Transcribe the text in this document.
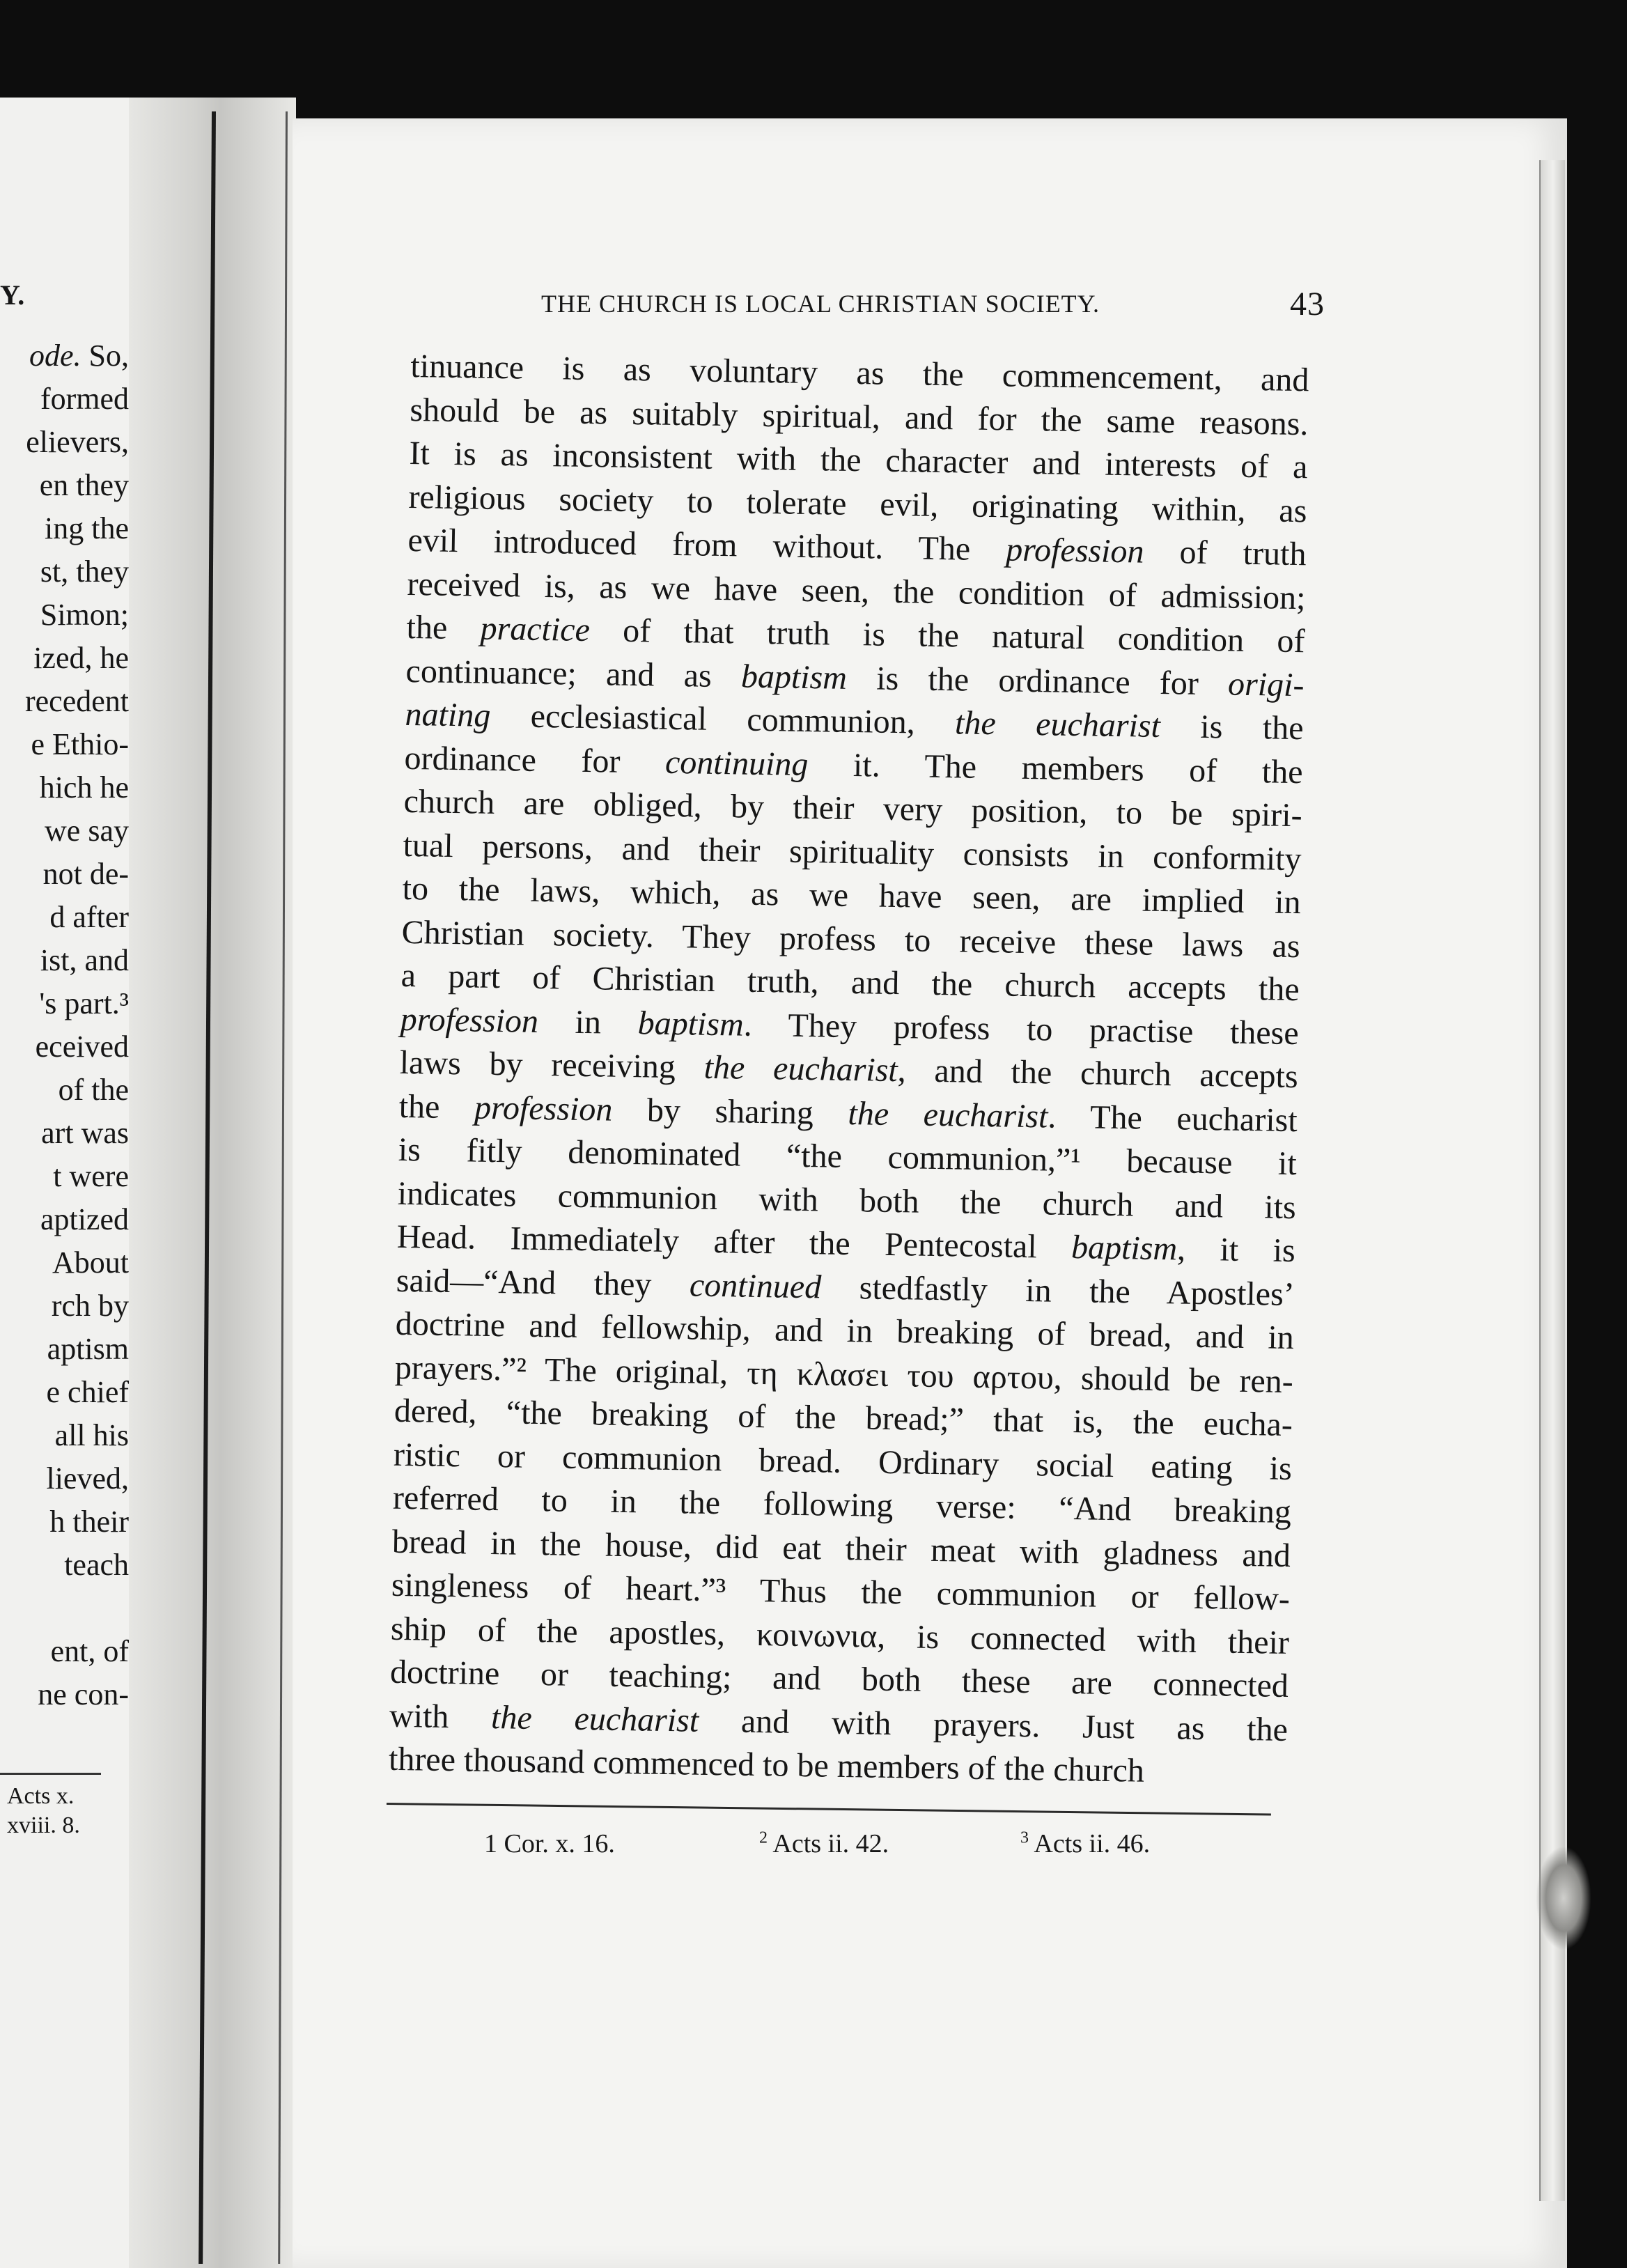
Y.
ode. So,
formed
elievers,
en they
ing the
st, they
Simon;
ized, he
recedent
e Ethio-
hich he
we say
not de-
d after
ist, and
's part.³
eceived
of the
art was
t were
aptized
About
rch by
aptism
e chief
all his
lieved,
h their
teach
ent, of
ne con-
Acts x.
xviii. 8.
THE CHURCH IS LOCAL CHRISTIAN SOCIETY.	43
tinuance is as voluntary as the commencement, and
should be as suitably spiritual, and for the same reasons.
It is as inconsistent with the character and interests of a
religious society to tolerate evil, originating within, as
evil introduced from without. The profession of truth
received is, as we have seen, the condition of admission;
the practice of that truth is the natural condition of
continuance; and as baptism is the ordinance for origi-
nating ecclesiastical communion, the eucharist is the
ordinance for continuing it. The members of the
church are obliged, by their very position, to be spiri-
tual persons, and their spirituality consists in conformity
to the laws, which, as we have seen, are implied in
Christian society. They profess to receive these laws as
a part of Christian truth, and the church accepts the
profession in baptism. They profess to practise these
laws by receiving the eucharist, and the church accepts
the profession by sharing the eucharist. The eucharist
is fitly denominated “the communion,”¹ because it
indicates communion with both the church and its
Head. Immediately after the Pentecostal baptism, it is
said—“And they continued stedfastly in the Apostles’
doctrine and fellowship, and in breaking of bread, and in
prayers.”² The original, τη κλασει του αρτου, should be ren-
dered, “the breaking of the bread;” that is, the eucha-
ristic or communion bread. Ordinary social eating is
referred to in the following verse: “And breaking
bread in the house, did eat their meat with gladness and
singleness of heart.”³ Thus the communion or fellow-
ship of the apostles, κοινωνια, is connected with their
doctrine or teaching; and both these are connected
with the eucharist and with prayers. Just as the
three thousand commenced to be members of the church
1 Cor. x. 16.	$^2$ Acts ii. 42.	$^3$ Acts ii. 46.
